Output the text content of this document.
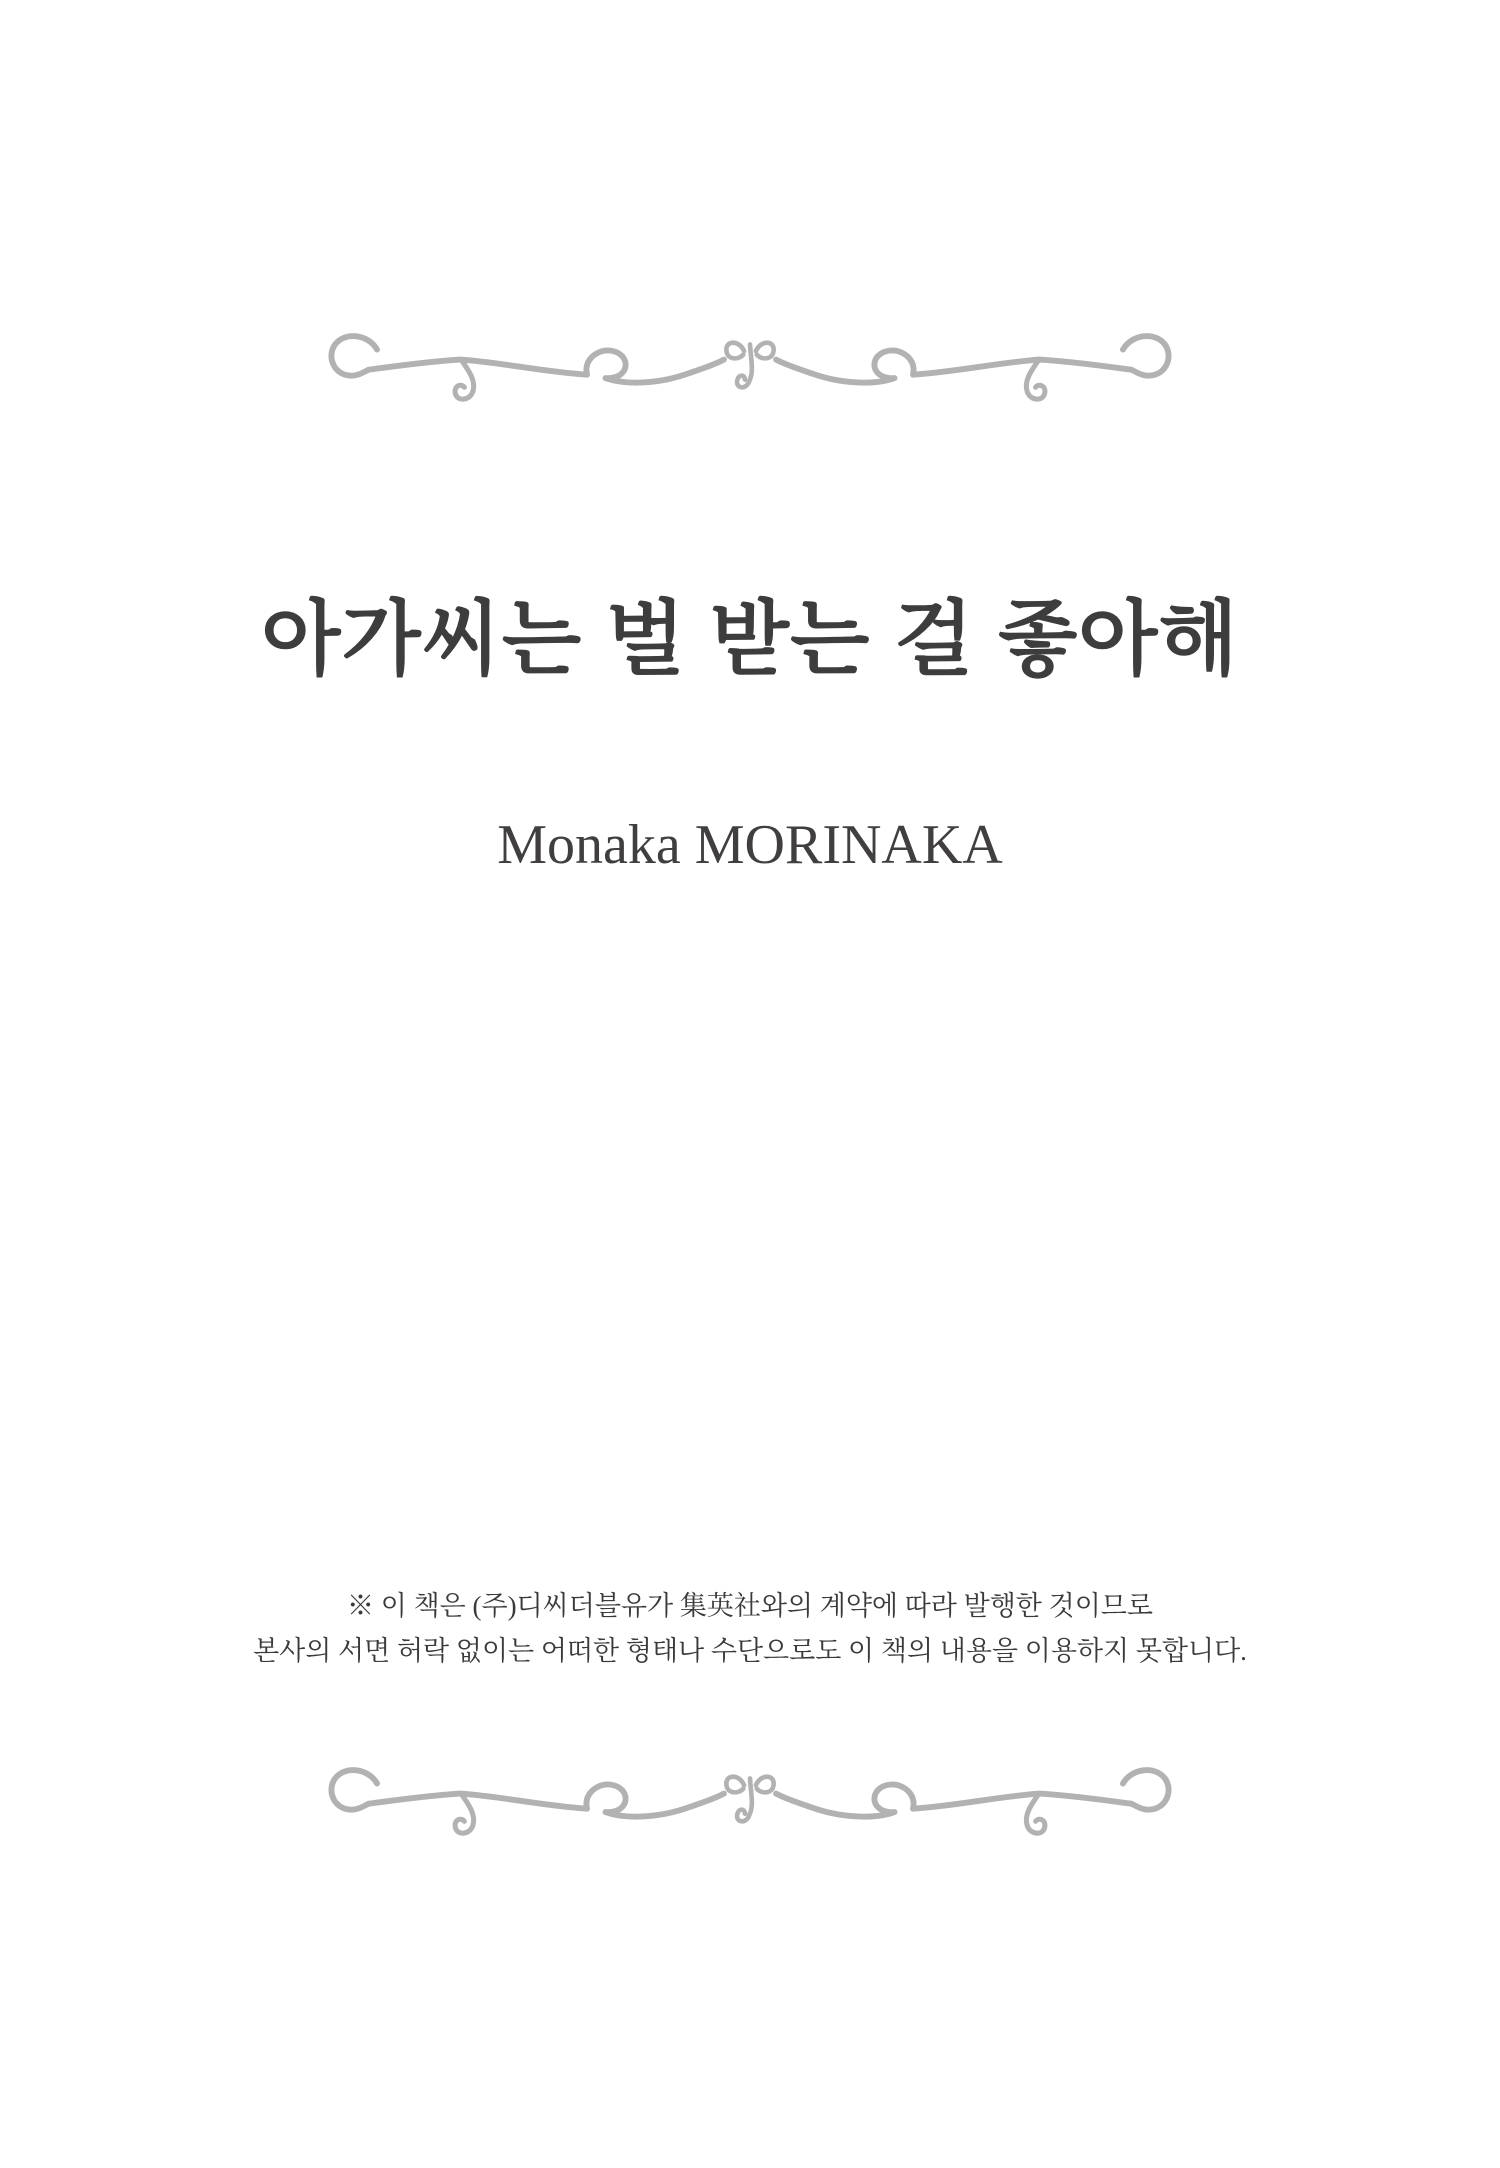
아가씨는 벌 받는 걸 좋아해
Monaka MORINAKA
※ 이 책은 (주)디씨더블유가 集英社와의 계약에 따라 발행한 것이므로
본사의 서면 허락 없이는 어떠한 형태나 수단으로도 이 책의 내용을 이용하지 못합니다.
